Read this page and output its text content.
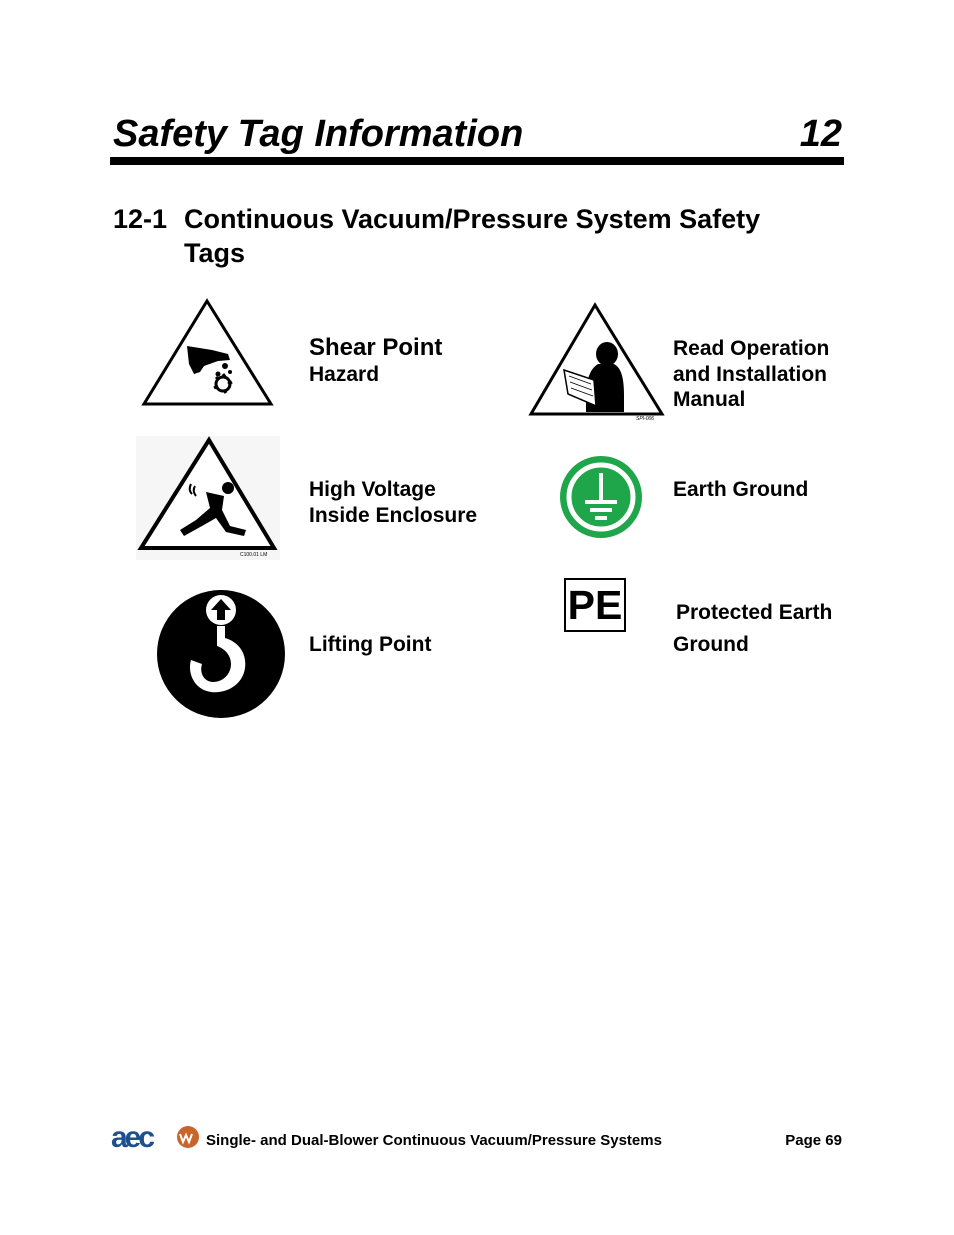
Safety Tag Information	12
12-1 Continuous Vacuum/Pressure System Safety Tags
Shear Point
Hazard
SPI-006
Read Operation
and Installation
Manual
C100.01 LM
High Voltage
Inside Enclosure
Earth Ground
Lifting Point
PE	Protected Earth
Ground
aec	Single- and Dual-Blower Continuous Vacuum/Pressure Systems	Page 69
